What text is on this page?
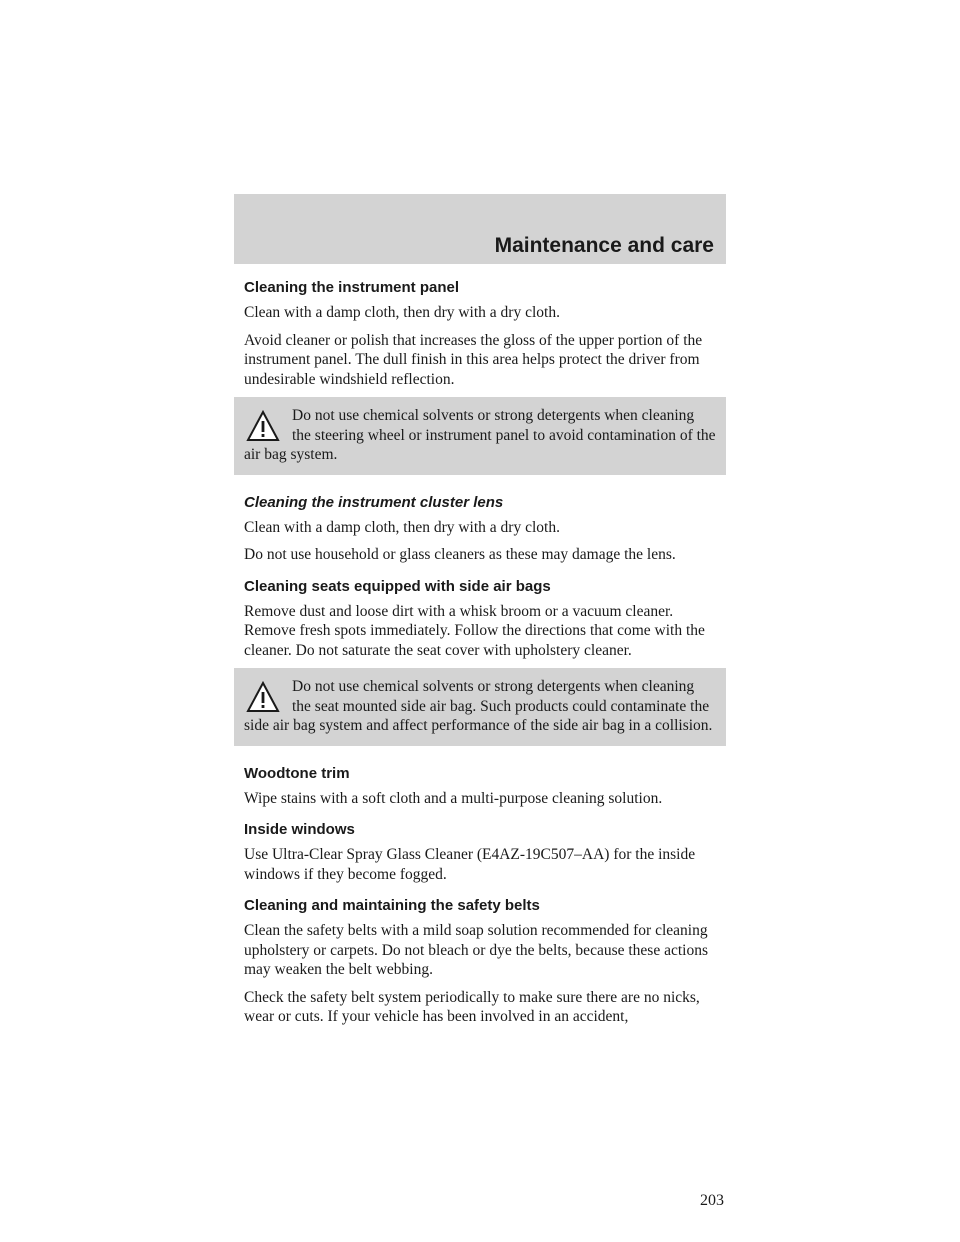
Maintenance and care
Cleaning the instrument panel

Clean with a damp cloth, then dry with a dry cloth.

Avoid cleaner or polish that increases the gloss of the upper portion of the instrument panel. The dull finish in this area helps protect the driver from undesirable windshield reflection.

Do not use chemical solvents or strong detergents when cleaning the steering wheel or instrument panel to avoid contamination of the air bag system.

Cleaning the instrument cluster lens

Clean with a damp cloth, then dry with a dry cloth.

Do not use household or glass cleaners as these may damage the lens.

Cleaning seats equipped with side air bags

Remove dust and loose dirt with a whisk broom or a vacuum cleaner. Remove fresh spots immediately. Follow the directions that come with the cleaner. Do not saturate the seat cover with upholstery cleaner.

Do not use chemical solvents or strong detergents when cleaning the seat mounted side air bag. Such products could contaminate the side air bag system and affect performance of the side air bag in a collision.

Woodtone trim

Wipe stains with a soft cloth and a multi-purpose cleaning solution.

Inside windows

Use Ultra-Clear Spray Glass Cleaner (E4AZ-19C507–AA) for the inside windows if they become fogged.

Cleaning and maintaining the safety belts

Clean the safety belts with a mild soap solution recommended for cleaning upholstery or carpets. Do not bleach or dye the belts, because these actions may weaken the belt webbing.

Check the safety belt system periodically to make sure there are no nicks, wear or cuts. If your vehicle has been involved in an accident,

203
